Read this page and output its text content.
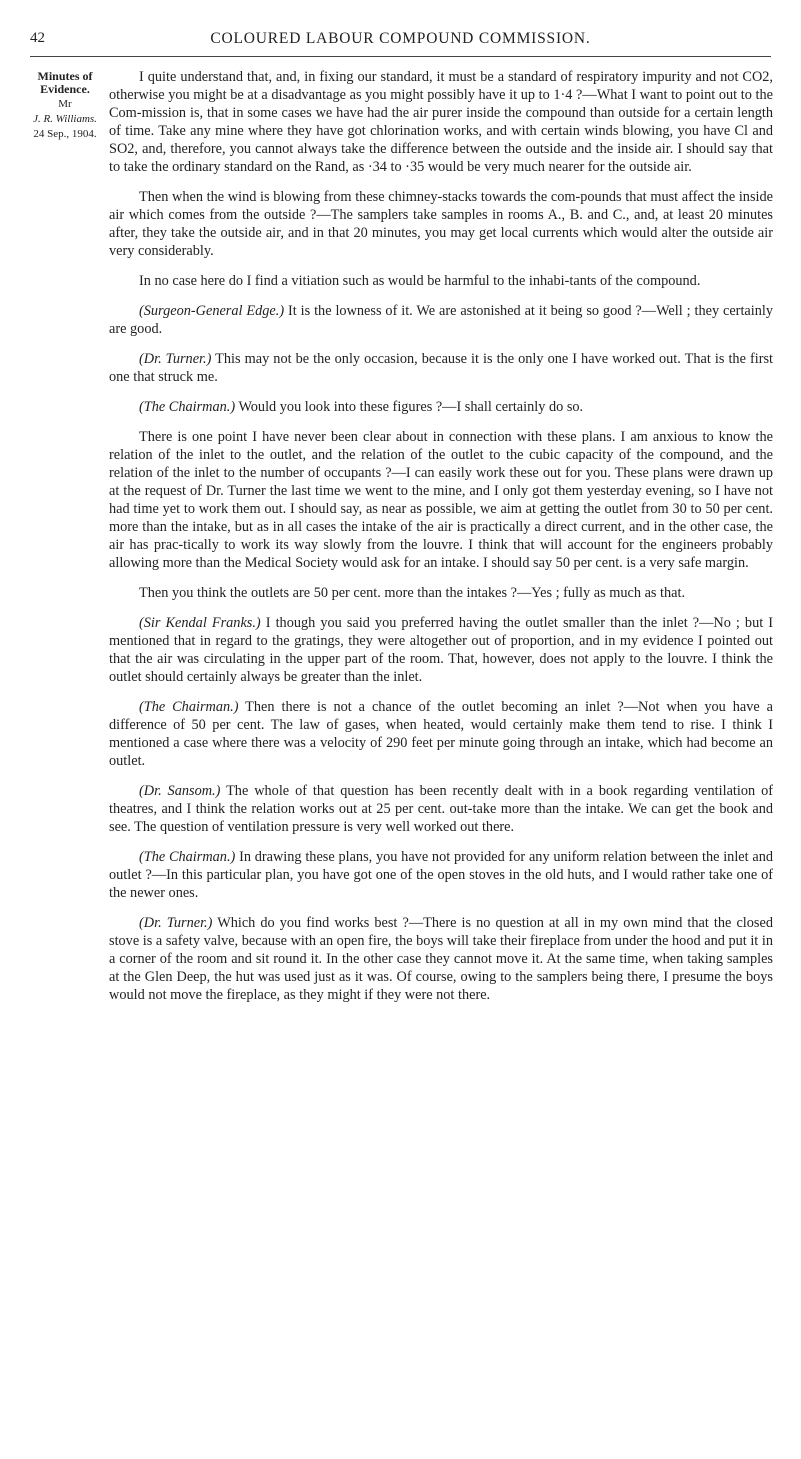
42	COLOURED LABOUR COMPOUND COMMISSION.
Minutes of Evidence.
Mr
J. R. Williams.
24 Sep., 1904.

I quite understand that, and, in fixing our standard, it must be a standard of respiratory impurity and not CO2, otherwise you might be at a disadvantage as you might possibly have it up to 1·4 ?—What I want to point out to the Com-mission is, that in some cases we have had the air purer inside the compound than outside for a certain length of time. Take any mine where they have got chlorination works, and with certain winds blowing, you have Cl and SO2, and, therefore, you cannot always take the difference between the outside and the inside air. I should say that to take the ordinary standard on the Rand, as ·34 to ·35 would be very much nearer for the outside air.

Then when the wind is blowing from these chimney-stacks towards the com-pounds that must affect the inside air which comes from the outside ?—The samplers take samples in rooms A., B. and C., and, at least 20 minutes after, they take the outside air, and in that 20 minutes, you may get local currents which would alter the outside air very considerably.

In no case here do I find a vitiation such as would be harmful to the inhabi-tants of the compound.

(Surgeon-General Edge.) It is the lowness of it. We are astonished at it being so good ?—Well ; they certainly are good.

(Dr. Turner.) This may not be the only occasion, because it is the only one I have worked out. That is the first one that struck me.

(The Chairman.) Would you look into these figures ?—I shall certainly do so.

There is one point I have never been clear about in connection with these plans. I am anxious to know the relation of the inlet to the outlet, and the relation of the outlet to the cubic capacity of the compound, and the relation of the inlet to the number of occupants ?—I can easily work these out for you. These plans were drawn up at the request of Dr. Turner the last time we went to the mine, and I only got them yesterday evening, so I have not had time yet to work them out. I should say, as near as possible, we aim at getting the outlet from 30 to 50 per cent. more than the intake, but as in all cases the intake of the air is practically a direct current, and in the other case, the air has prac-tically to work its way slowly from the louvre. I think that will account for the engineers probably allowing more than the Medical Society would ask for an intake. I should say 50 per cent. is a very safe margin.

Then you think the outlets are 50 per cent. more than the intakes ?—Yes ; fully as much as that.

(Sir Kendal Franks.) I though you said you preferred having the outlet smaller than the inlet ?—No ; but I mentioned that in regard to the gratings, they were altogether out of proportion, and in my evidence I pointed out that the air was circulating in the upper part of the room. That, however, does not apply to the louvre. I think the outlet should certainly always be greater than the inlet.

(The Chairman.) Then there is not a chance of the outlet becoming an inlet ?—Not when you have a difference of 50 per cent. The law of gases, when heated, would certainly make them tend to rise. I think I mentioned a case where there was a velocity of 290 feet per minute going through an intake, which had become an outlet.

(Dr. Sansom.) The whole of that question has been recently dealt with in a book regarding ventilation of theatres, and I think the relation works out at 25 per cent. out-take more than the intake. We can get the book and see. The question of ventilation pressure is very well worked out there.

(The Chairman.) In drawing these plans, you have not provided for any uniform relation between the inlet and outlet ?—In this particular plan, you have got one of the open stoves in the old huts, and I would rather take one of the newer ones.

(Dr. Turner.) Which do you find works best ?—There is no question at all in my own mind that the closed stove is a safety valve, because with an open fire, the boys will take their fireplace from under the hood and put it in a corner of the room and sit round it. In the other case they cannot move it. At the same time, when taking samples at the Glen Deep, the hut was used just as it was. Of course, owing to the samplers being there, I presume the boys would not move the fireplace, as they might if they were not there.
